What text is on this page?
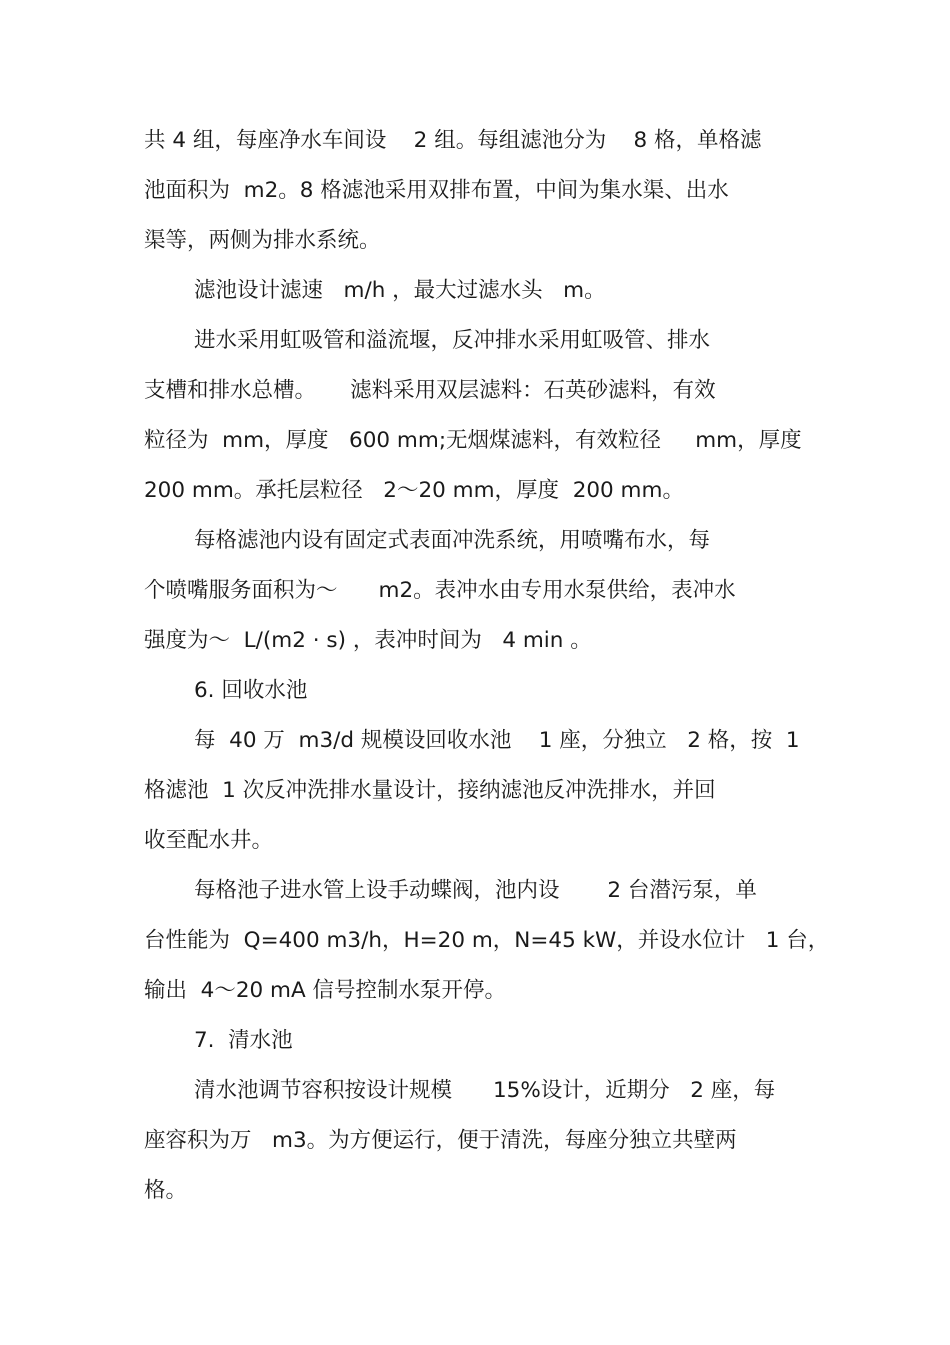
共 4 组，每座净水车间设    2 组。每组滤池分为    8 格，单格滤
池面积为  m2。8 格滤池采用双排布置，中间为集水渠、出水
渠等，两侧为排水系统。
滤池设计滤速   m/h ，最大过滤水头   m。
进水采用虹吸管和溢流堰，反冲排水采用虹吸管、排水
支槽和排水总槽。     滤料采用双层滤料：石英砂滤料，有效
粒径为  mm，厚度   600 mm;无烟煤滤料，有效粒径     mm，厚度
200 mm。承托层粒径   2～20 mm，厚度  200 mm。
每格滤池内设有固定式表面冲洗系统，用喷嘴布水，每
个喷嘴服务面积为～      m2。表冲水由专用水泵供给，表冲水
强度为～  L/(m2 · s) ，表冲时间为   4 min 。
6. 回收水池
每  40 万  m3/d 规模设回收水池    1 座，分独立   2 格，按  1
格滤池  1 次反冲洗排水量设计，接纳滤池反冲洗排水，并回
收至配水井。
每格池子进水管上设手动蝶阀，池内设       2 台潜污泵，单
台性能为  Q=400 m3/h，H=20 m，N=45 kW，并设水位计   1 台，
输出  4～20 mA 信号控制水泵开停。
7.  清水池
清水池调节容积按设计规模      15%设计，近期分   2 座，每
座容积为万   m3。为方便运行，便于清洗，每座分独立共壁两
格。
